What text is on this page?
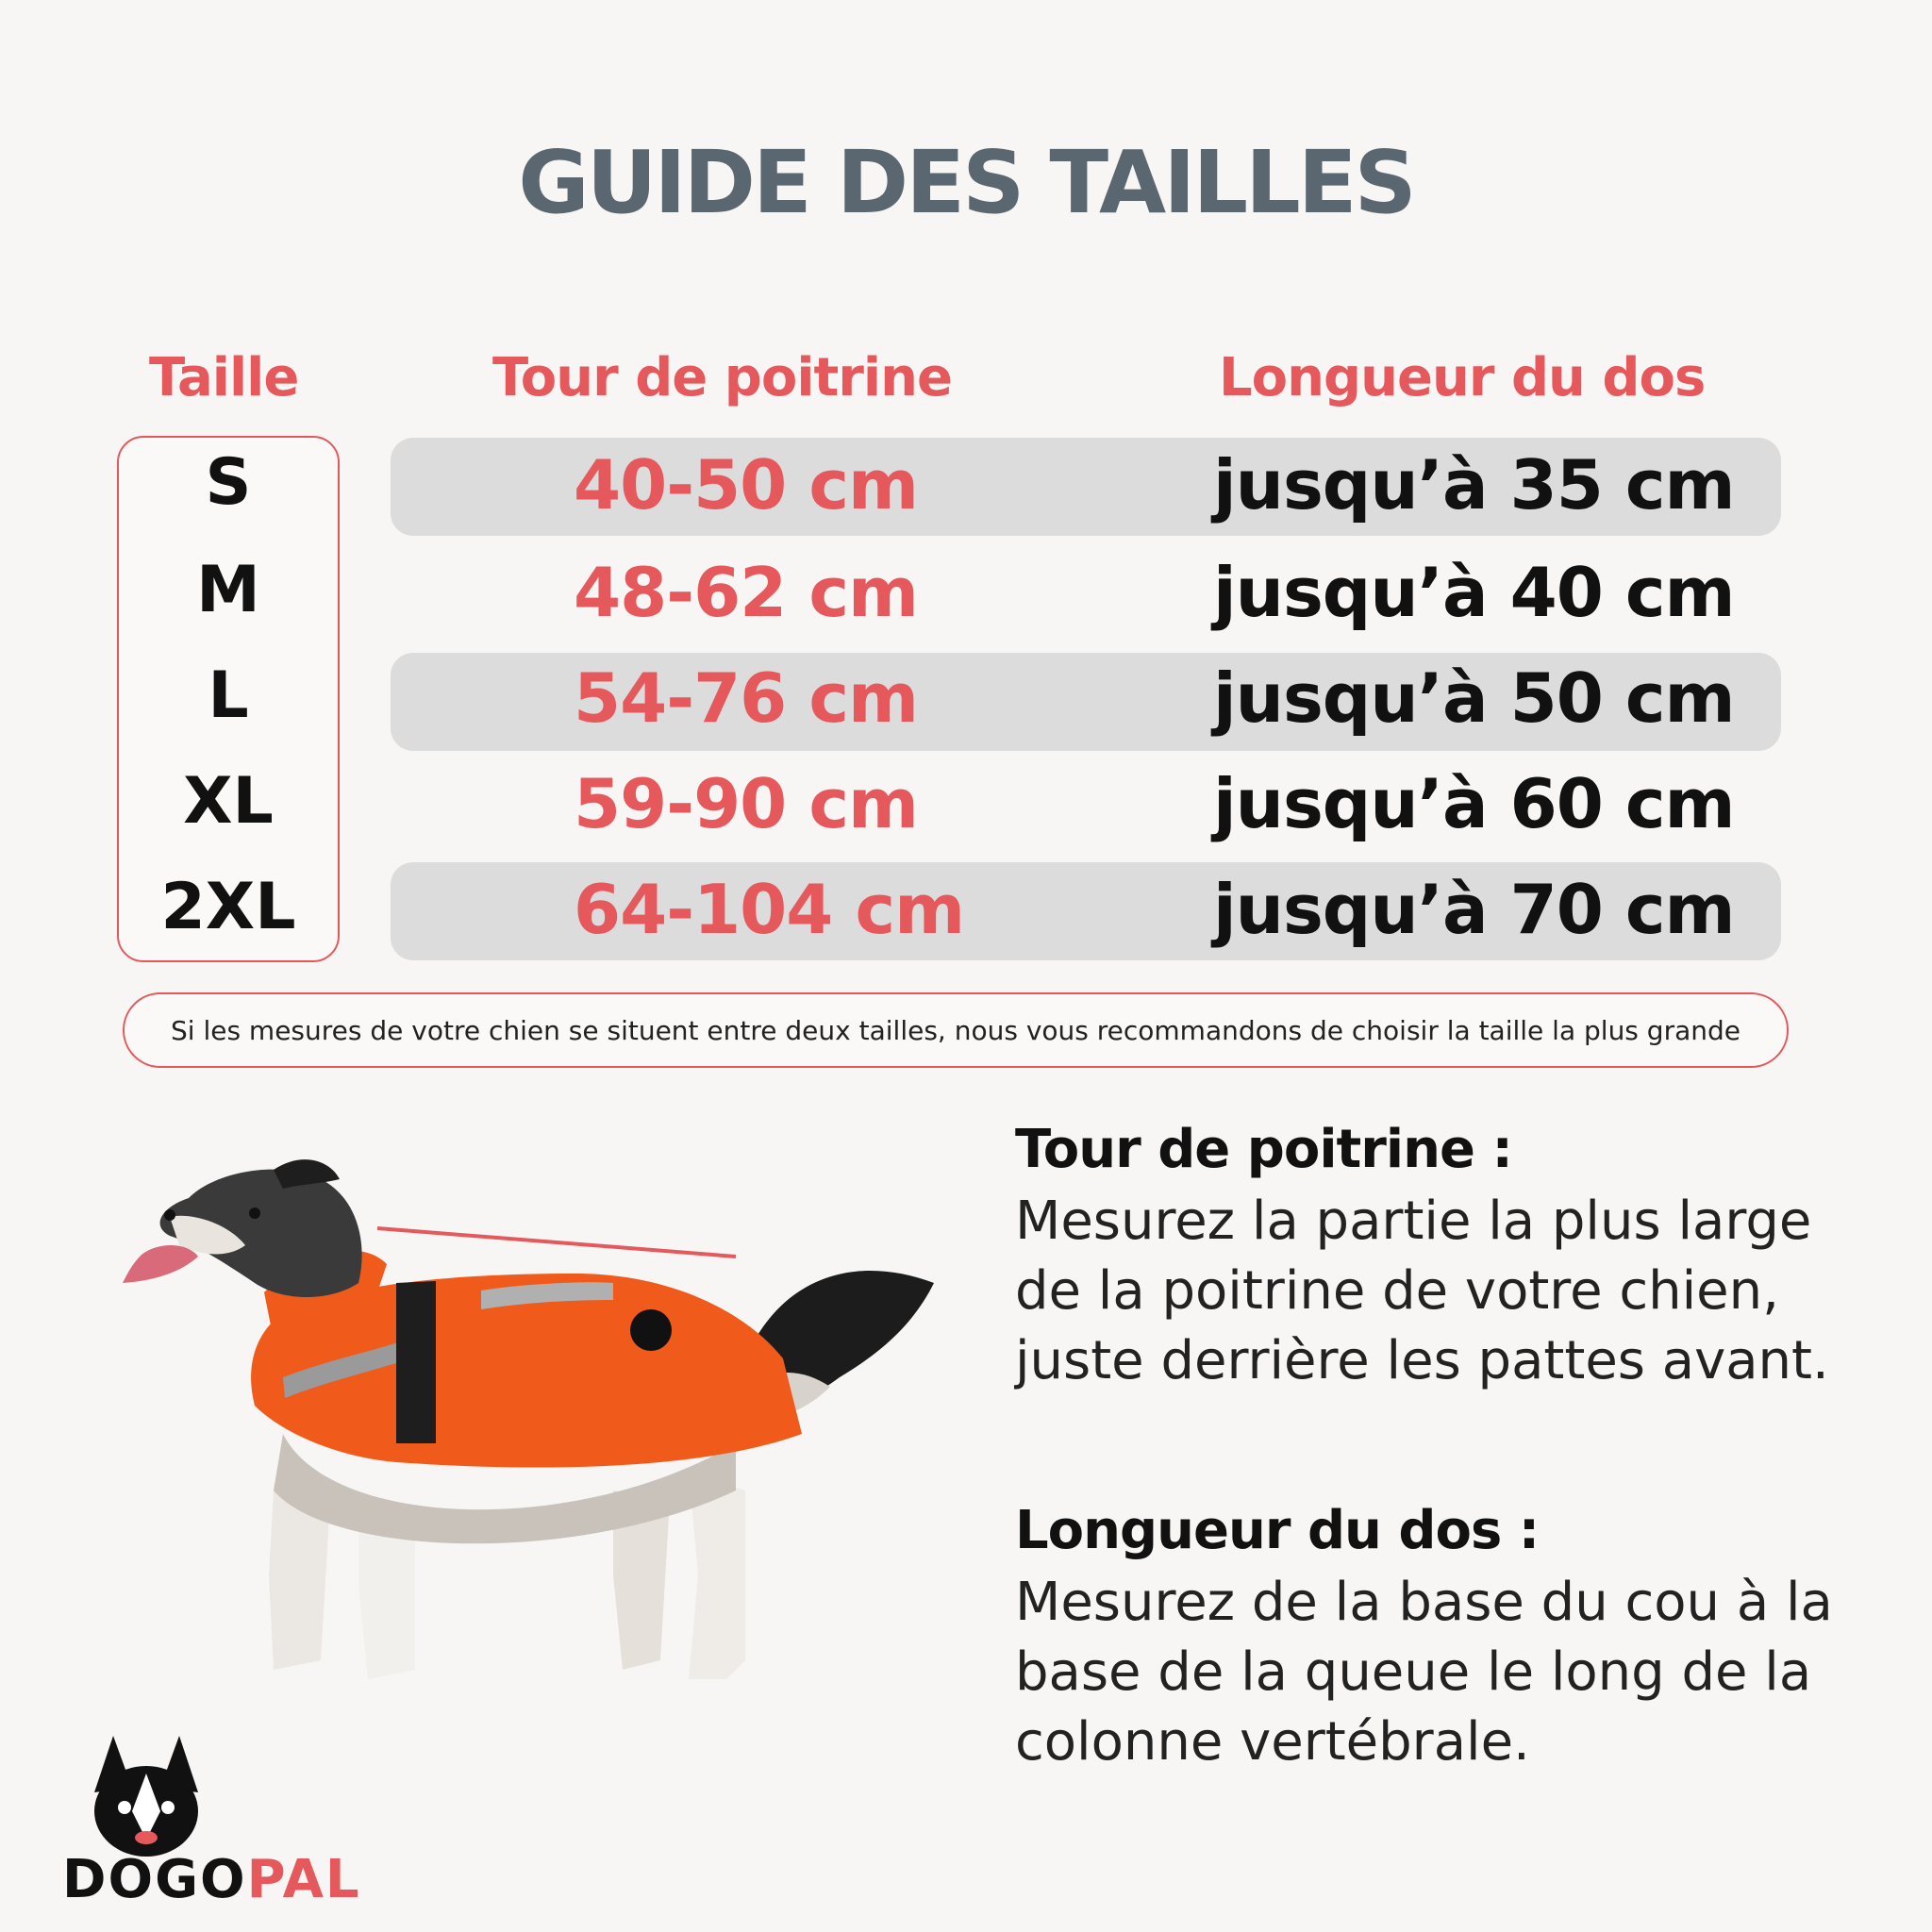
GUIDE DES TAILLES
Taille	Tour de poitrine	Longueur du dos
S	40-50 cm	jusqu’à 35 cm
M	48-62 cm	jusqu’à 40 cm
L	54-76 cm	jusqu’à 50 cm
XL	59-90 cm	jusqu’à 60 cm
2XL	64-104 cm	jusqu’à 70 cm
Si les mesures de votre chien se situent entre deux tailles, nous vous recommandons de choisir la taille la plus grande
DOGOPAL
Tour de poitrine :
Mesurez la partie la plus large de la poitrine de votre chien, juste derrière les pattes avant.
Longueur du dos :
Mesurez de la base du cou à la base de la queue le long de la colonne vertébrale.
